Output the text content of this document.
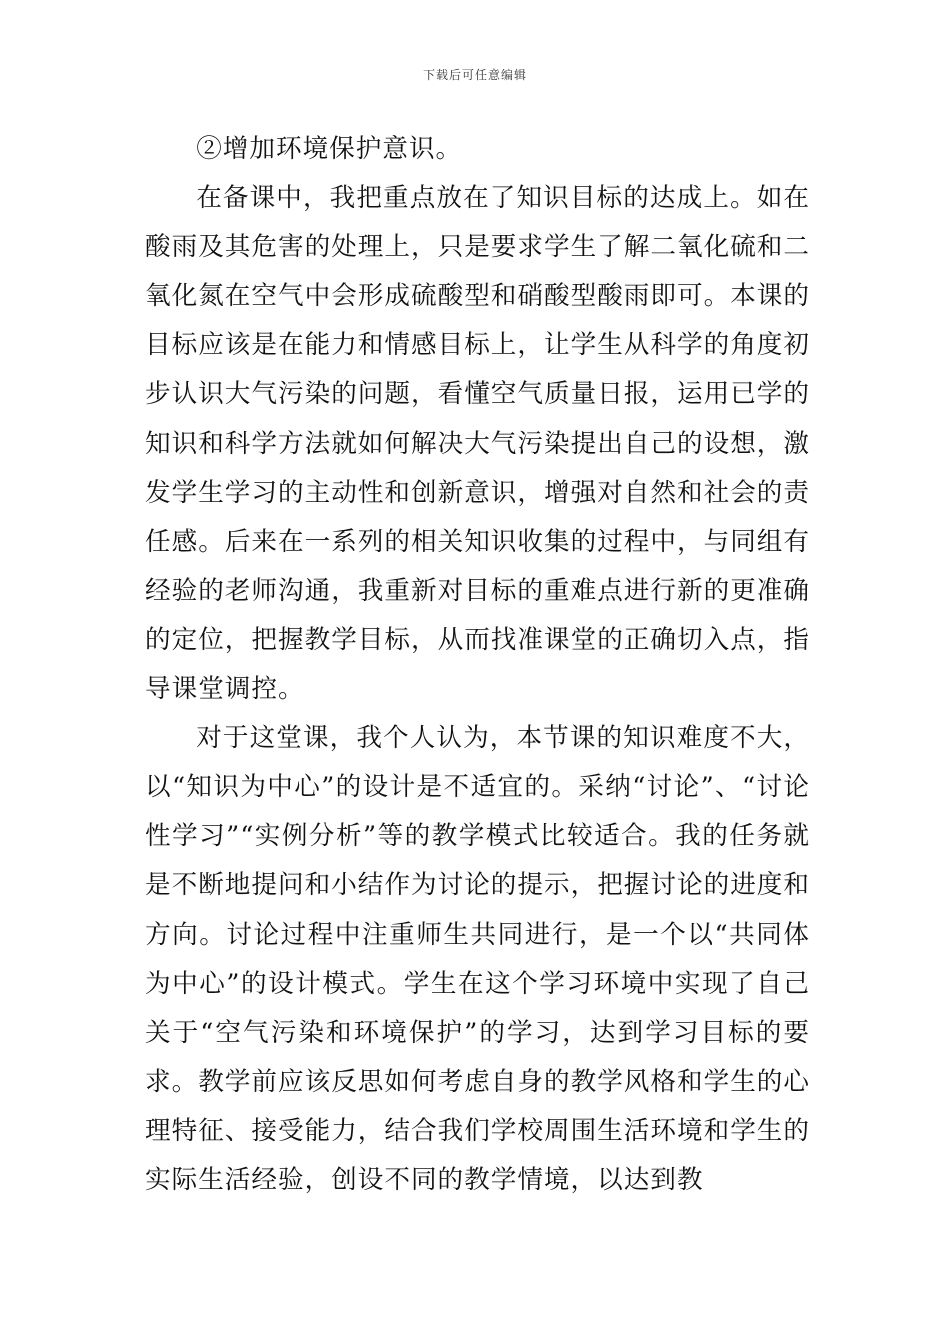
下载后可任意编辑

②增加环境保护意识。

在备课中，我把重点放在了知识目标的达成上。如在酸雨及其危害的处理上，只是要求学生了解二氧化硫和二氧化氮在空气中会形成硫酸型和硝酸型酸雨即可。本课的目标应该是在能力和情感目标上，让学生从科学的角度初步认识大气污染的问题，看懂空气质量日报，运用已学的知识和科学方法就如何解决大气污染提出自己的设想，激发学生学习的主动性和创新意识，增强对自然和社会的责任感。后来在一系列的相关知识收集的过程中，与同组有经验的老师沟通，我重新对目标的重难点进行新的更准确的定位，把握教学目标，从而找准课堂的正确切入点，指导课堂调控。

对于这堂课，我个人认为，本节课的知识难度不大，以“知识为中心”的设计是不适宜的。采纳“讨论”、“讨论性学习”“实例分析”等的教学模式比较适合。我的任务就是不断地提问和小结作为讨论的提示，把握讨论的进度和方向。讨论过程中注重师生共同进行，是一个以“共同体为中心”的设计模式。学生在这个学习环境中实现了自己关于“空气污染和环境保护”的学习，达到学习目标的要求。教学前应该反思如何考虑自身的教学风格和学生的心理特征、接受能力，结合我们学校周围生活环境和学生的实际生活经验，创设不同的教学情境，以达到教
